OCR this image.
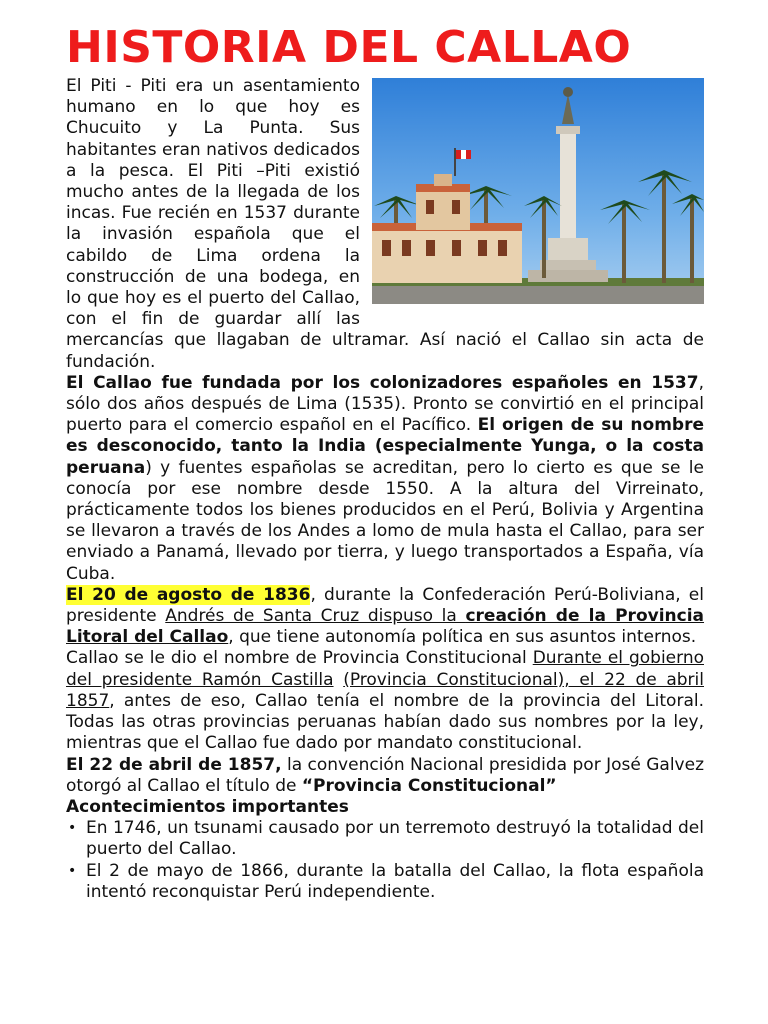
HISTORIA DEL CALLAO

El Piti - Piti era un asentamiento humano en lo que hoy es Chucuito y La Punta. Sus habitantes eran nativos dedicados a la pesca. El Piti –Piti existió mucho antes de la llegada de los incas. Fue recién en 1537 durante la invasión española que el cabildo de Lima ordena la construcción de una bodega, en lo que hoy es el puerto del Callao, con el fin de guardar allí las mercancías que llagaban de ultramar. Así nació el Callao sin acta de fundación.

El Callao fue fundada por los colonizadores españoles en 1537, sólo dos años después de Lima (1535). Pronto se convirtió en el principal puerto para el comercio español en el Pacífico. El origen de su nombre es desconocido, tanto la India (especialmente Yunga, o la costa peruana) y fuentes españolas se acreditan, pero lo cierto es que se le conocía por ese nombre desde 1550. A la altura del Virreinato, prácticamente todos los bienes producidos en el Perú, Bolivia y Argentina se llevaron a través de los Andes a lomo de mula hasta el Callao, para ser enviado a Panamá, llevado por tierra, y luego transportados a España, vía Cuba.

El 20 de agosto de 1836, durante la Confederación Perú-Boliviana, el presidente Andrés de Santa Cruz dispuso la creación de la Provincia Litoral del Callao, que tiene autonomía política en sus asuntos internos.

Callao se le dio el nombre de Provincia Constitucional Durante el gobierno del presidente Ramón Castilla (Provincia Constitucional), el 22 de abril 1857, antes de eso, Callao tenía el nombre de la provincia del Litoral. Todas las otras provincias peruanas habían dado sus nombres por la ley, mientras que el Callao fue dado por mandato constitucional.

El 22 de abril de 1857, la convención Nacional presidida por José Galvez otorgó al Callao el título de “Provincia Constitucional”

Acontecimientos importantes
• En 1746, un tsunami causado por un terremoto destruyó la totalidad del puerto del Callao.
• El 2 de mayo de 1866, durante la batalla del Callao, la flota española intentó reconquistar Perú independiente.
